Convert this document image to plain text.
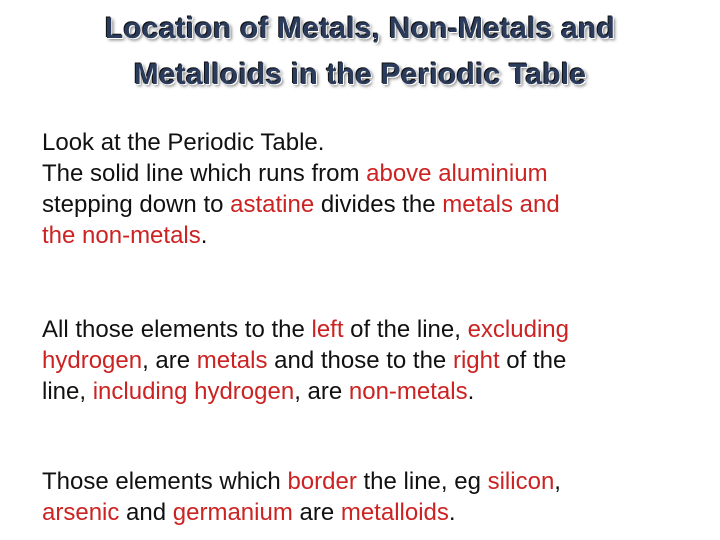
Location of Metals, Non-Metals and
Metalloids in the Periodic Table
Look at the Periodic Table.
The solid line which runs from above aluminium
stepping down to astatine divides the metals and
the non-metals.
All those elements to the left of the line, excluding
hydrogen, are metals and those to the right of the
line, including hydrogen, are non-metals.
Those elements which border the line, eg silicon,
arsenic and germanium are metalloids.
